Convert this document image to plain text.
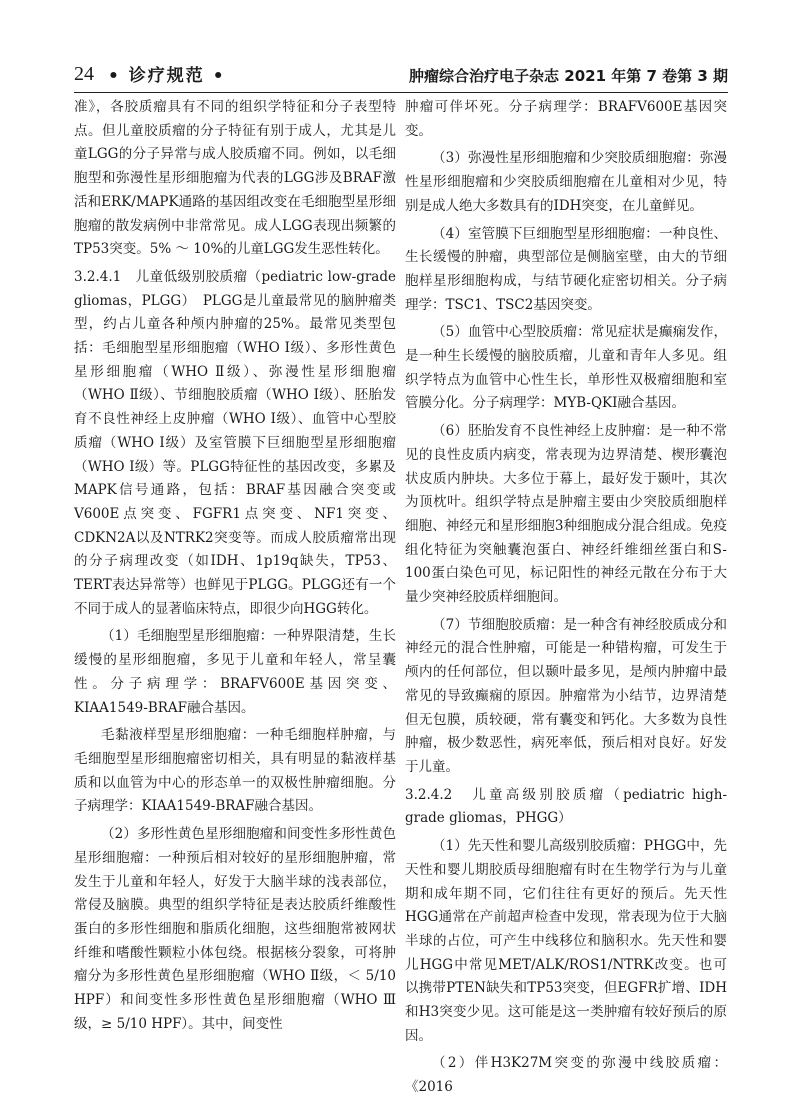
24 • 诊疗规范 •	肿瘤综合治疗电子杂志 2021 年第 7 卷第 3 期

准》，各胶质瘤具有不同的组织学特征和分子表型特点。但儿童胶质瘤的分子特征有别于成人，尤其是儿童LGG的分子异常与成人胶质瘤不同。例如，以毛细胞型和弥漫性星形细胞瘤为代表的LGG涉及BRAF激活和ERK/MAPK通路的基因组改变在毛细胞型星形细胞瘤的散发病例中非常常见。成人LGG表现出频繁的TP53突变。5% ～ 10%的儿童LGG发生恶性转化。

3.2.4.1　儿童低级别胶质瘤（pediatric low-grade gliomas，PLGG）　PLGG是儿童最常见的脑肿瘤类型，约占儿童各种颅内肿瘤的25%。最常见类型包括：毛细胞型星形细胞瘤（WHO Ⅰ级）、多形性黄色星形细胞瘤（WHO Ⅱ级）、弥漫性星形细胞瘤（WHO Ⅱ级）、节细胞胶质瘤（WHO Ⅰ级）、胚胎发育不良性神经上皮肿瘤（WHO Ⅰ级）、血管中心型胶质瘤（WHO Ⅰ级）及室管膜下巨细胞型星形细胞瘤（WHO Ⅰ级）等。PLGG特征性的基因改变，多累及MAPK信号通路，包括：BRAF基因融合突变或V600E点突变、FGFR1点突变、NF1突变、CDKN2A以及NTRK2突变等。而成人胶质瘤常出现的分子病理改变（如IDH、1p19q缺失，TP53、TERT表达异常等）也鲜见于PLGG。PLGG还有一个不同于成人的显著临床特点，即很少向HGG转化。

（1）毛细胞型星形细胞瘤：一种界限清楚，生长缓慢的星形细胞瘤，多见于儿童和年轻人，常呈囊性。分子病理学：BRAFV600E基因突变、KIAA1549-BRAF融合基因。

毛黏液样型星形细胞瘤：一种毛细胞样肿瘤，与毛细胞型星形细胞瘤密切相关，具有明显的黏液样基质和以血管为中心的形态单一的双极性肿瘤细胞。分子病理学：KIAA1549-BRAF融合基因。

（2）多形性黄色星形细胞瘤和间变性多形性黄色星形细胞瘤：一种预后相对较好的星形细胞肿瘤，常发生于儿童和年轻人，好发于大脑半球的浅表部位，常侵及脑膜。典型的组织学特征是表达胶质纤维酸性蛋白的多形性细胞和脂质化细胞，这些细胞常被网状纤维和嗜酸性颗粒小体包绕。根据核分裂象，可将肿瘤分为多形性黄色星形细胞瘤（WHO Ⅱ级，＜ 5/10 HPF）和间变性多形性黄色星形细胞瘤（WHO Ⅲ级，≥ 5/10 HPF）。其中，间变性

肿瘤可伴坏死。分子病理学：BRAFV600E基因突变。

（3）弥漫性星形细胞瘤和少突胶质细胞瘤：弥漫性星形细胞瘤和少突胶质细胞瘤在儿童相对少见，特别是成人绝大多数具有的IDH突变，在儿童鲜见。

（4）室管膜下巨细胞型星形细胞瘤：一种良性、生长缓慢的肿瘤，典型部位是侧脑室壁，由大的节细胞样星形细胞构成，与结节硬化症密切相关。分子病理学：TSC1、TSC2基因突变。

（5）血管中心型胶质瘤：常见症状是癫痫发作，是一种生长缓慢的脑胶质瘤，儿童和青年人多见。组织学特点为血管中心性生长，单形性双极瘤细胞和室管膜分化。分子病理学：MYB-QKI融合基因。

（6）胚胎发育不良性神经上皮肿瘤：是一种不常见的良性皮质内病变，常表现为边界清楚、楔形囊泡状皮质内肿块。大多位于幕上，最好发于颞叶，其次为顶枕叶。组织学特点是肿瘤主要由少突胶质细胞样细胞、神经元和星形细胞3种细胞成分混合组成。免疫组化特征为突触囊泡蛋白、神经纤维细丝蛋白和S-100蛋白染色可见，标记阳性的神经元散在分布于大量少突神经胶质样细胞间。

（7）节细胞胶质瘤：是一种含有神经胶质成分和神经元的混合性肿瘤，可能是一种错构瘤，可发生于颅内的任何部位，但以颞叶最多见，是颅内肿瘤中最常见的导致癫痫的原因。肿瘤常为小结节，边界清楚但无包膜，质较硬，常有囊变和钙化。大多数为良性肿瘤，极少数恶性，病死率低，预后相对良好。好发于儿童。

3.2.4.2　儿童高级别胶质瘤（pediatric high-grade gliomas，PHGG）

（1）先天性和婴儿高级别胶质瘤：PHGG中，先天性和婴儿期胶质母细胞瘤有时在生物学行为与儿童期和成年期不同，它们往往有更好的预后。先天性HGG通常在产前超声检查中发现，常表现为位于大脑半球的占位，可产生中线移位和脑积水。先天性和婴儿HGG中常见MET/ALK/ROS1/NTRK改变。也可以携带PTEN缺失和TP53突变，但EGFR扩增、IDH和H3突变少见。这可能是这一类肿瘤有较好预后的原因。

（2）伴H3K27M突变的弥漫中线胶质瘤：《2016
